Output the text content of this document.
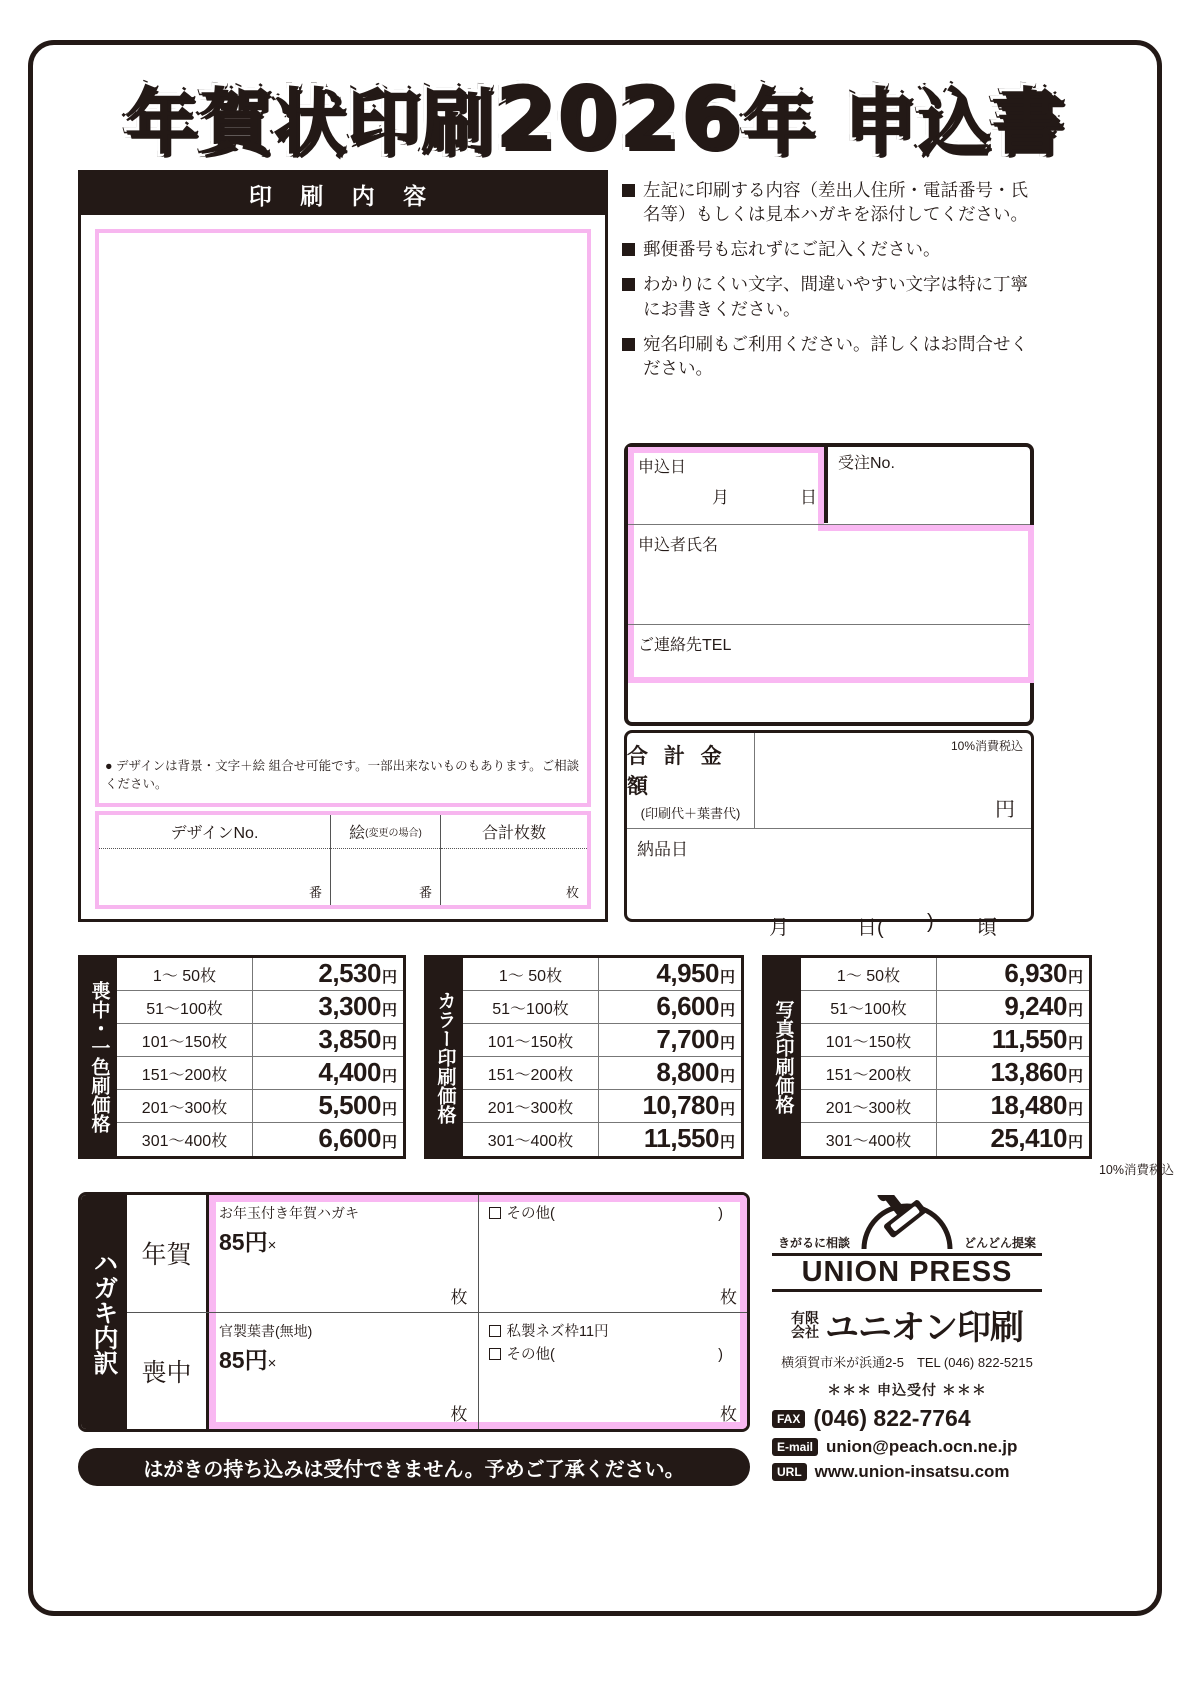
年賀状印刷2026年 申込書
印 刷 内 容
● デザインは背景・文字＋絵 組合せ可能です。一部出来ないものもあります。ご相談ください。
デザインNo.
番
絵 (変更の場合)
番
合計枚数
枚
左記に印刷する内容（差出人住所・電話番号・氏名等）もしくは見本ハガキを添付してください。
郵便番号も忘れずにご記入ください。
わかりにくい文字、間違いやすい文字は特に丁寧にお書きください。
宛名印刷もご利用ください。詳しくはお問合せください。
申込日
月	日
受注No.
申込者氏名
ご連絡先TEL
合 計 金 額
(印刷代＋葉書代)
10%消費税込
円
納品日
月	日( ) 頃
喪中・一色刷価格
1～ 50枚	2,530 円
51～100枚	3,300 円
101～150枚	3,850 円
151～200枚	4,400 円
201～300枚	5,500 円
301～400枚	6,600 円
カラー印刷価格
1～ 50枚	4,950 円
51～100枚	6,600 円
101～150枚	7,700 円
151～200枚	8,800 円
201～300枚	10,780 円
301～400枚	11,550 円
写真印刷価格
1～ 50枚	6,930 円
51～100枚	9,240 円
101～150枚	11,550 円
151～200枚	13,860 円
201～300枚	18,480 円
301～400枚	25,410 円
10%消費税込
ハガキ内訳 年賀
お年玉付き年賀ハガキ
85円×
枚
その他(	)
枚
喪中
官製葉書(無地)
85円×
枚
私製ネズ枠11円
その他(	)
枚
きがるに相談	どんどん提案
UNION PRESS
有限
会社 ユニオン印刷
横須賀市米が浜通2-5　TEL (046) 822-5215
＊＊＊ 申込受付 ＊＊＊
FAX (046) 822-7764
E-mail union@peach.ocn.ne.jp
URL www.union-insatsu.com
はがきの持ち込みは受付できません。予めご了承ください。
